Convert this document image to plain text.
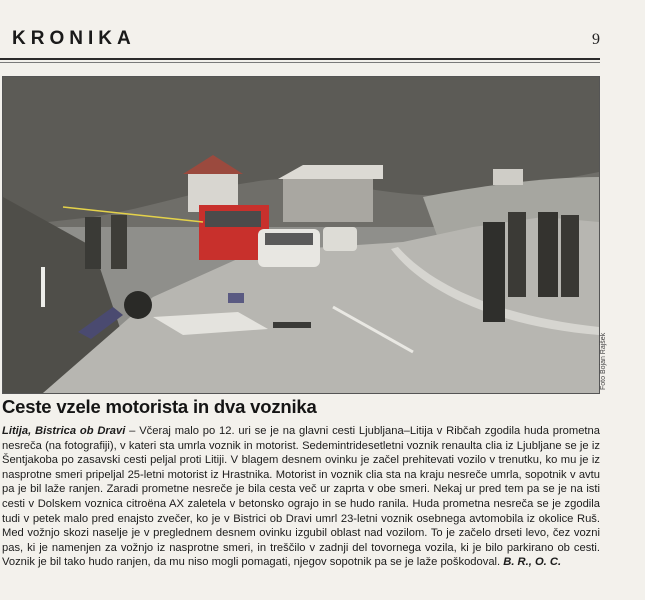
KRONIKA	9
Foto Bojan Rajšek
Ceste vzele motorista in dva voznika
Litija, Bistrica ob Dravi – Včeraj malo po 12. uri se je na glavni cesti Ljubljana–Litija v Ribčah zgodila huda prometna nesreča (na fotografiji), v kateri sta umrla voznik in motorist. Sedemintridesetletni voznik renaulta clia iz Ljubljane se je iz Šentjakoba po zasavski cesti peljal proti Litiji. V blagem desnem ovinku je začel prehitevati vozilo v trenutku, ko mu je iz nasprotne smeri pripeljal 25-letni motorist iz Hrastnika. Motorist in voznik clia sta na kraju nesreče umrla, sopotnik v avtu pa je bil laže ranjen. Zaradi prometne nesreče je bila cesta več ur zaprta v obe smeri. Nekaj ur pred tem pa se je na isti cesti v Dolskem voznica citroëna AX zaletela v betonsko ograjo in se hudo ranila. Huda prometna nesreča se je zgodila tudi v petek malo pred enajsto zvečer, ko je v Bistrici ob Dravi umrl 23-letni voznik osebnega avtomobila iz okolice Ruš. Med vožnjo skozi naselje je v preglednem desnem ovinku izgubil oblast nad vozilom. To je začelo drseti levo, čez vozni pas, ki je namenjen za vožnjo iz nasprotne smeri, in treščilo v zadnji del tovornega vozila, ki je bilo parkirano ob cesti. Voznik je bil tako hudo ranjen, da mu niso mogli pomagati, njegov sopotnik pa se je laže poškodoval. B. R., O. C.
